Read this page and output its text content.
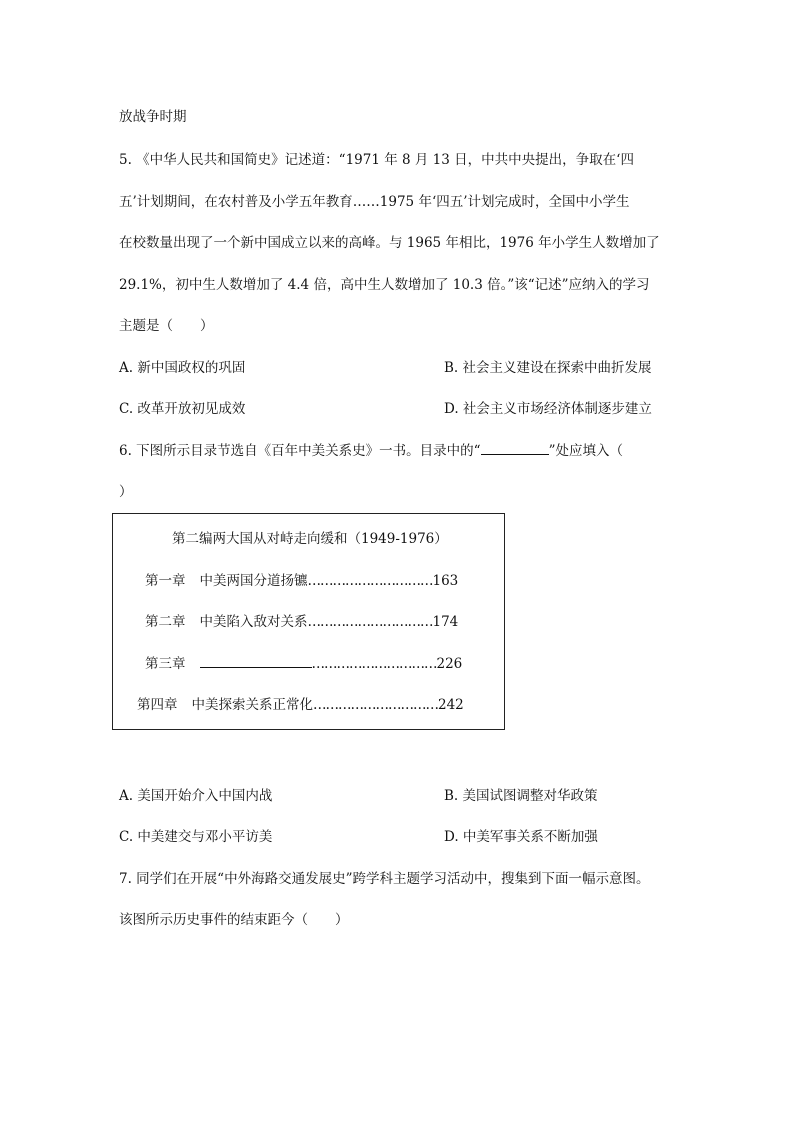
放战争时期
5. 《中华人民共和国简史》记述道：“1971 年 8 月 13 日，中共中央提出，争取在‘四
五’计划期间，在农村普及小学五年教育……1975 年‘四五’计划完成时，全国中小学生
在校数量出现了一个新中国成立以来的高峰。与 1965 年相比，1976 年小学生人数增加了
29.1%，初中生人数增加了 4.4 倍，高中生人数增加了 10.3 倍。”该“记述”应纳入的学习
主题是（　　）
A. 新中国政权的巩固	B. 社会主义建设在探索中曲折发展
C. 改革开放初见成效	D. 社会主义市场经济体制逐步建立
6. 下图所示目录节选自《百年中美关系史》一书。目录中的“	”处应填入（
）
第二编两大国从对峙走向缓和（1949-1976）
第一章 中美两国分道扬镳…………………………163
第二章 中美陷入敌对关系…………………………174
第三章	…………………………226
第四章 中美探索关系正常化…………………………242
A. 美国开始介入中国内战	B. 美国试图调整对华政策
C. 中美建交与邓小平访美	D. 中美军事关系不断加强
7. 同学们在开展“中外海路交通发展史”跨学科主题学习活动中，搜集到下面一幅示意图。
该图所示历史事件的结束距今（　　）
